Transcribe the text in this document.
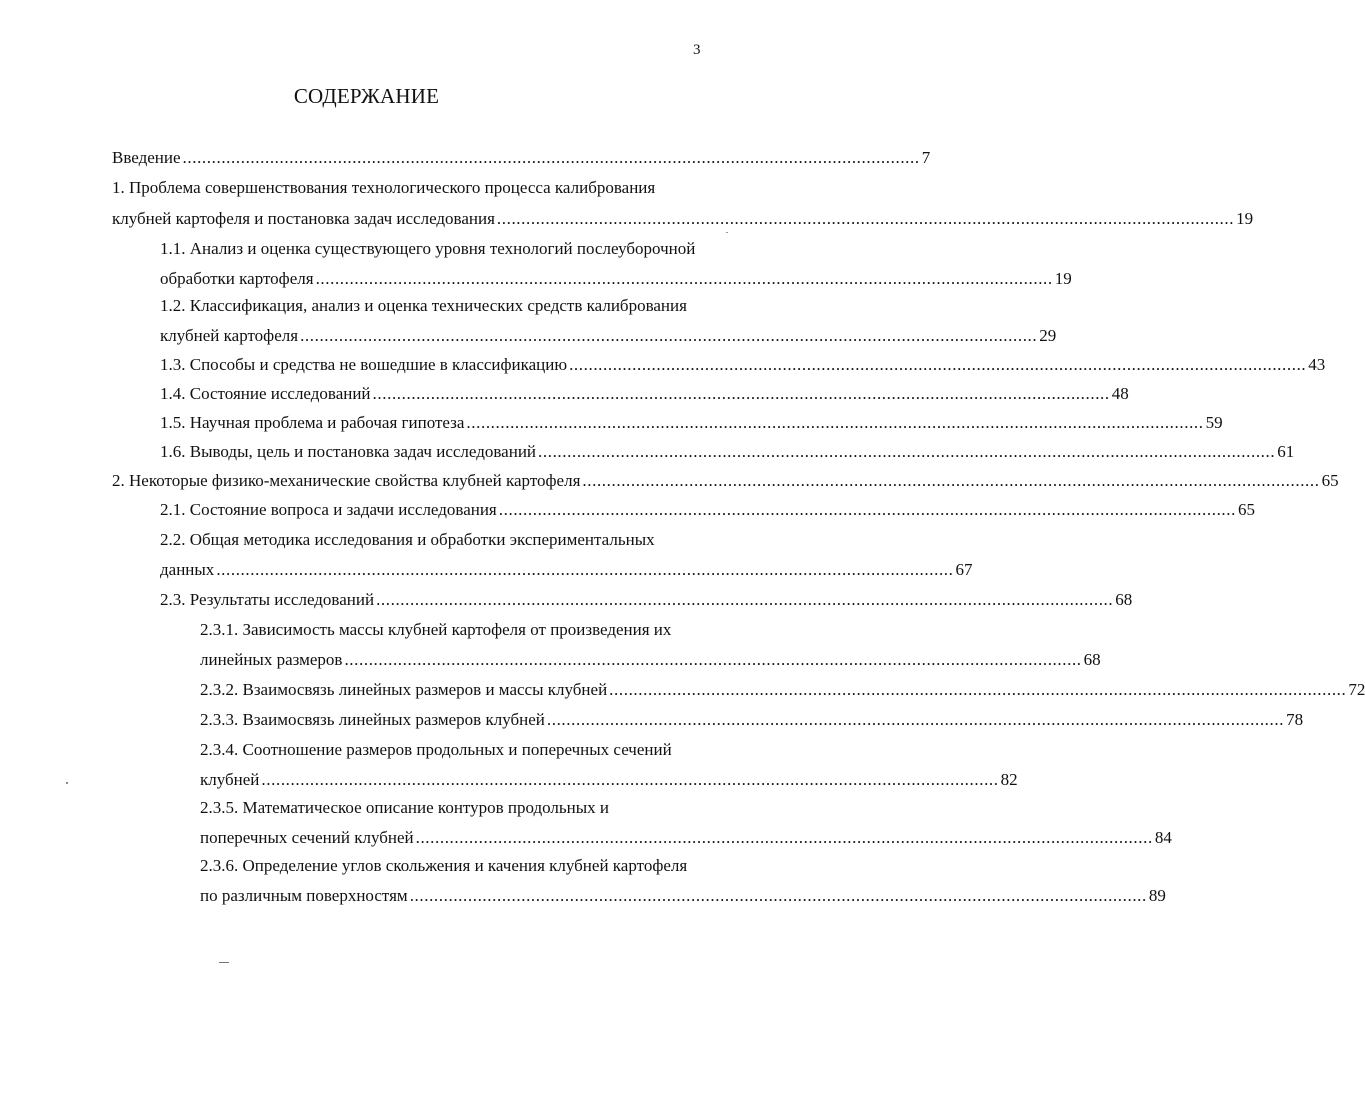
3
СОДЕРЖАНИЕ
Введение ........................................................................................................................................................ 7
1. Проблема совершенствования технологического процесса калибрования
клубней картофеля и постановка задач исследования ........................................................................................................................................................ 19
1.1. Анализ и оценка существующего уровня технологий послеуборочной
обработки картофеля ........................................................................................................................................................ 19
1.2. Классификация, анализ и оценка технических средств калибрования
клубней картофеля ........................................................................................................................................................ 29
1.3. Способы и средства не вошедшие в классификацию ........................................................................................................................................................ 43
1.4. Состояние исследований ........................................................................................................................................................ 48
1.5. Научная проблема и рабочая гипотеза ........................................................................................................................................................ 59
1.6. Выводы, цель и постановка задач исследований ........................................................................................................................................................ 61
2. Некоторые физико-механические свойства клубней картофеля ........................................................................................................................................................ 65
2.1. Состояние вопроса и задачи исследования ........................................................................................................................................................ 65
2.2. Общая методика исследования и обработки экспериментальных
данных ........................................................................................................................................................ 67
2.3. Результаты исследований ........................................................................................................................................................ 68
2.3.1. Зависимость массы клубней картофеля от произведения их
линейных размеров ........................................................................................................................................................ 68
2.3.2. Взаимосвязь линейных размеров и массы клубней ........................................................................................................................................................ 72
2.3.3. Взаимосвязь линейных размеров клубней ........................................................................................................................................................ 78
2.3.4. Соотношение размеров продольных и поперечных сечений
клубней ........................................................................................................................................................ 82
2.3.5. Математическое описание контуров продольных и
поперечных сечений клубней ........................................................................................................................................................ 84
2.3.6. Определение углов скольжения и качения клубней картофеля
по различным поверхностям ........................................................................................................................................................ 89
